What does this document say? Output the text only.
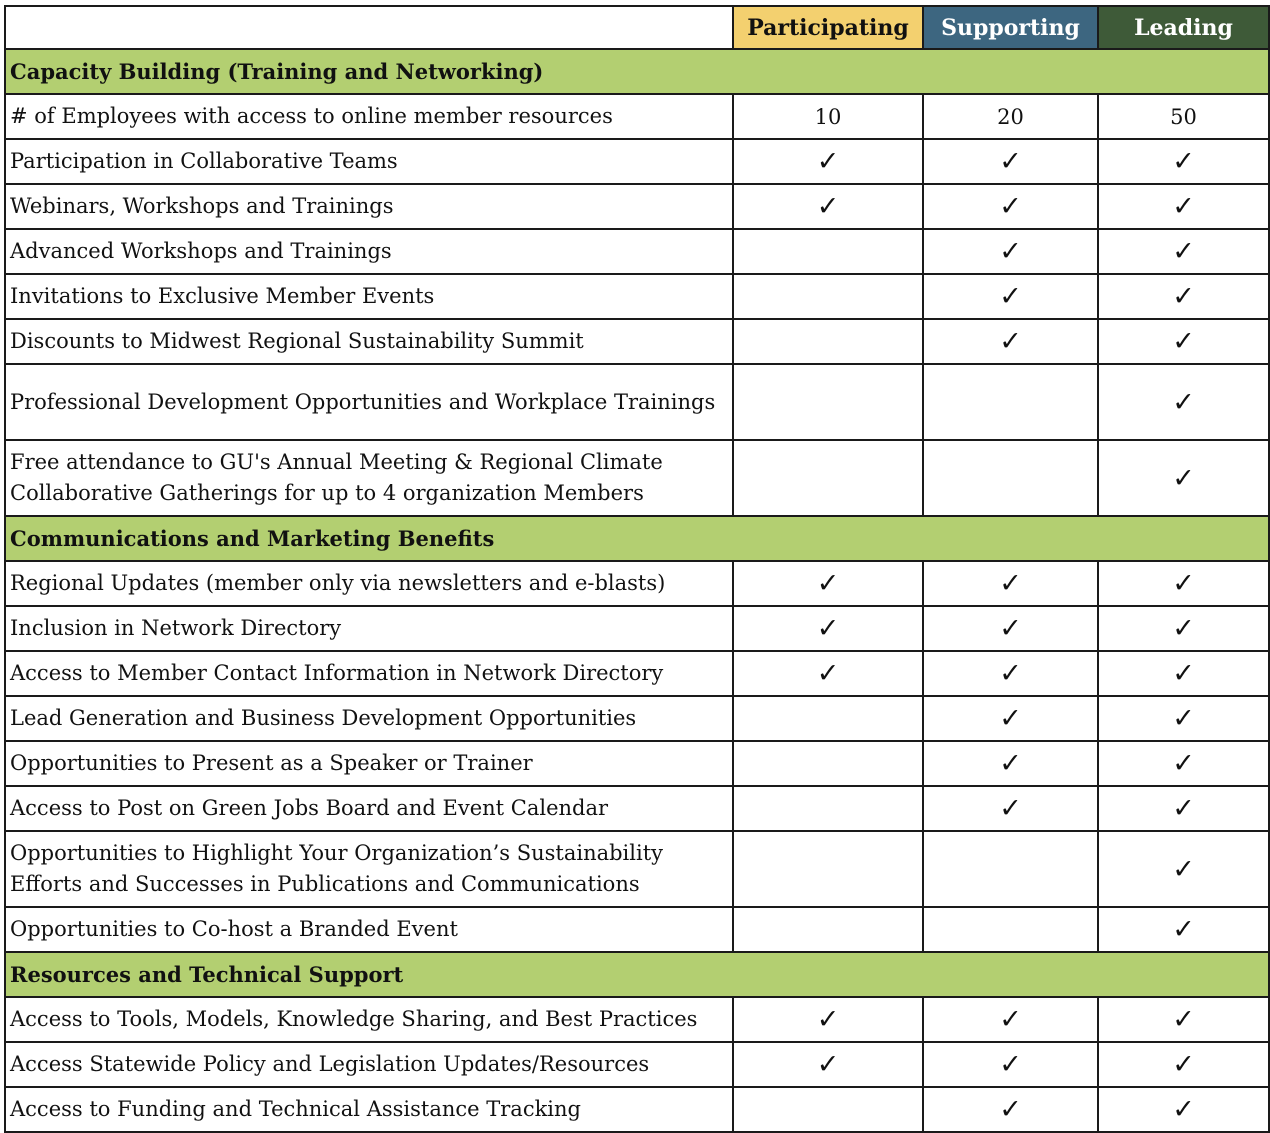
	Participating	Supporting	Leading
Capacity Building (Training and Networking)			
# of Employees with access to online member resources	10	20	50
Participation in Collaborative Teams	✓	✓	✓
Webinars, Workshops and Trainings	✓	✓	✓
Advanced Workshops and Trainings		✓	✓
Invitations to Exclusive Member Events		✓	✓
Discounts to Midwest Regional Sustainability Summit		✓	✓
Professional Development Opportunities and Workplace Trainings			✓
Free attendance to GU's Annual Meeting & Regional Climate Collaborative Gatherings for up to 4 organization Members			✓
Communications and Marketing Benefits			
Regional Updates (member only via newsletters and e-blasts)	✓	✓	✓
Inclusion in Network Directory	✓	✓	✓
Access to Member Contact Information in Network Directory	✓	✓	✓
Lead Generation and Business Development Opportunities		✓	✓
Opportunities to Present as a Speaker or Trainer		✓	✓
Access to Post on Green Jobs Board and Event Calendar		✓	✓
Opportunities to Highlight Your Organization’s Sustainability Efforts and Successes in Publications and Communications			✓
Opportunities to Co-host a Branded Event			✓
Resources and Technical Support			
Access to Tools, Models, Knowledge Sharing, and Best Practices	✓	✓	✓
Access Statewide Policy and Legislation Updates/Resources	✓	✓	✓
Access to Funding and Technical Assistance Tracking		✓	✓
